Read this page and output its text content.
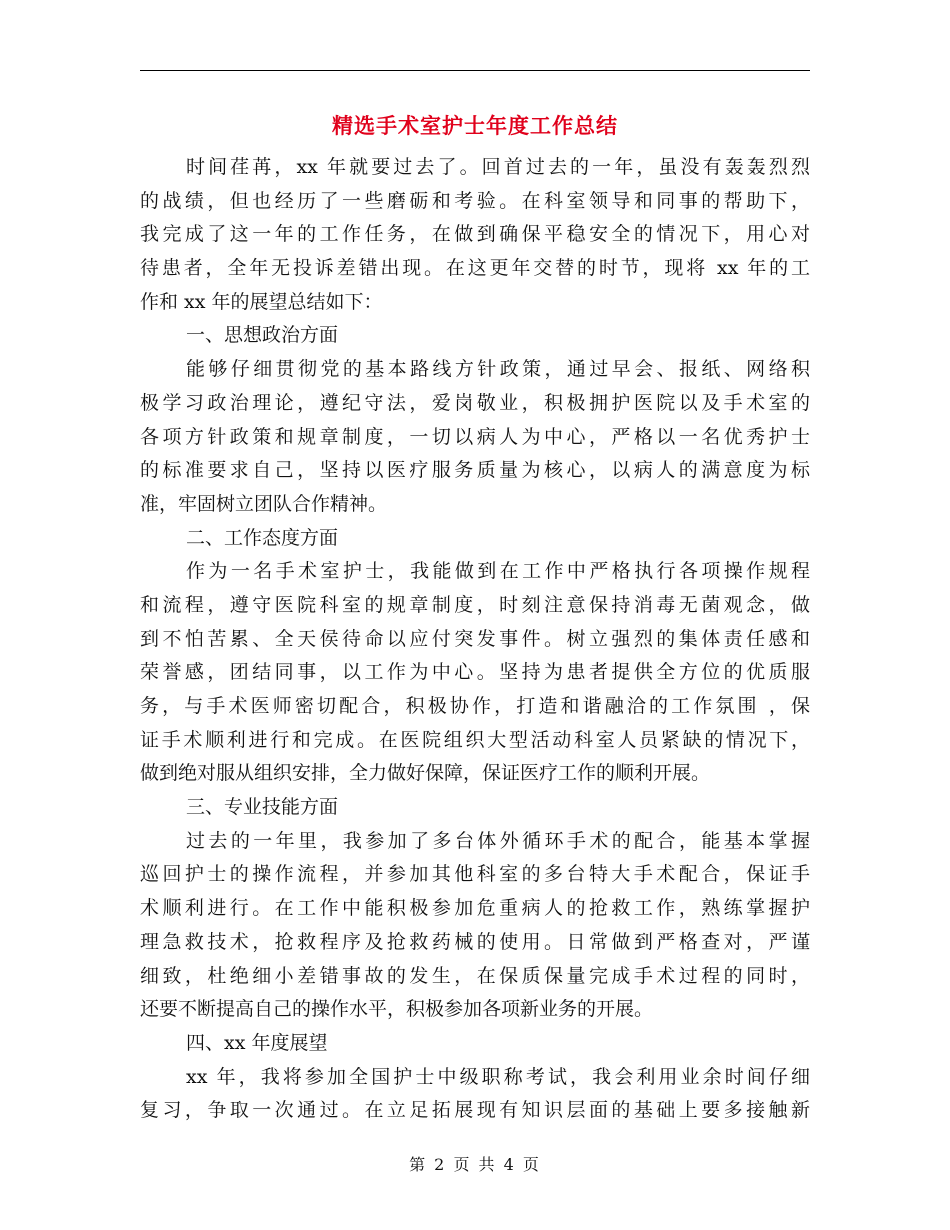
精选手术室护士年度工作总结
时间荏苒，xx 年就要过去了。回首过去的一年，虽没有轰轰烈烈
的战绩，但也经历了一些磨砺和考验。在科室领导和同事的帮助下，
我完成了这一年的工作任务，在做到确保平稳安全的情况下，用心对
待患者，全年无投诉差错出现。在这更年交替的时节，现将 xx 年的工
作和 xx 年的展望总结如下：
一、思想政治方面
能够仔细贯彻党的基本路线方针政策，通过早会、报纸、网络积
极学习政治理论，遵纪守法，爱岗敬业，积极拥护医院以及手术室的
各项方针政策和规章制度，一切以病人为中心，严格以一名优秀护士
的标准要求自己，坚持以医疗服务质量为核心，以病人的满意度为标
准，牢固树立团队合作精神。
二、工作态度方面
作为一名手术室护士，我能做到在工作中严格执行各项操作规程
和流程，遵守医院科室的规章制度，时刻注意保持消毒无菌观念，做
到不怕苦累、全天侯待命以应付突发事件。树立强烈的集体责任感和
荣誉感，团结同事，以工作为中心。坚持为患者提供全方位的优质服
务，与手术医师密切配合，积极协作，打造和谐融洽的工作氛围 ，保
证手术顺利进行和完成。在医院组织大型活动科室人员紧缺的情况下，
做到绝对服从组织安排，全力做好保障，保证医疗工作的顺利开展。
三、专业技能方面
过去的一年里，我参加了多台体外循环手术的配合，能基本掌握
巡回护士的操作流程，并参加其他科室的多台特大手术配合，保证手
术顺利进行。在工作中能积极参加危重病人的抢救工作，熟练掌握护
理急救技术，抢救程序及抢救药械的使用。日常做到严格查对，严谨
细致，杜绝细小差错事故的发生，在保质保量完成手术过程的同时，
还要不断提高自己的操作水平，积极参加各项新业务的开展。
四、xx 年度展望
xx 年，我将参加全国护士中级职称考试，我会利用业余时间仔细
复习，争取一次通过。在立足拓展现有知识层面的基础上要多接触新
第 2 页 共 4 页
